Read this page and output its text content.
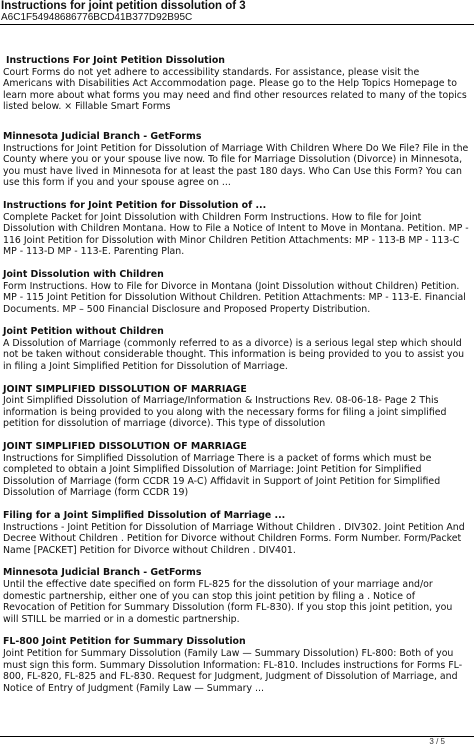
Instructions for joint petition dissolution of 3
A6C1F54948686776BCD41B377D92B95C
Instructions For Joint Petition Dissolution

Court Forms do not yet adhere to accessibility standards. For assistance, please visit the Americans with Disabilities Act Accommodation page. Please go to the Help Topics Homepage to learn more about what forms you may need and find other resources related to many of the topics listed below. × Fillable Smart Forms

Minnesota Judicial Branch - GetForms

Instructions for Joint Petition for Dissolution of Marriage With Children Where Do We File? File in the County where you or your spouse live now. To file for Marriage Dissolution (Divorce) in Minnesota, you must have lived in Minnesota for at least the past 180 days. Who Can Use this Form? You can use this form if you and your spouse agree on ...

Instructions for Joint Petition for Dissolution of ...

Complete Packet for Joint Dissolution with Children Form Instructions. How to file for Joint Dissolution with Children Montana. How to File a Notice of Intent to Move in Montana. Petition. MP - 116 Joint Petition for Dissolution with Minor Children Petition Attachments: MP - 113-B MP - 113-C MP - 113-D MP - 113-E. Parenting Plan.

Joint Dissolution with Children

Form Instructions. How to File for Divorce in Montana (Joint Dissolution without Children) Petition. MP - 115 Joint Petition for Dissolution Without Children. Petition Attachments: MP - 113-E. Financial Documents. MP – 500 Financial Disclosure and Proposed Property Distribution.

Joint Petition without Children

A Dissolution of Marriage (commonly referred to as a divorce) is a serious legal step which should not be taken without considerable thought. This information is being provided to you to assist you in filing a Joint Simplified Petition for Dissolution of Marriage.

JOINT SIMPLIFIED DISSOLUTION OF MARRIAGE

Joint Simplified Dissolution of Marriage/Information & Instructions Rev. 08-06-18- Page 2 This information is being provided to you along with the necessary forms for filing a joint simplified petition for dissolution of marriage (divorce). This type of dissolution

JOINT SIMPLIFIED DISSOLUTION OF MARRIAGE

Instructions for Simplified Dissolution of Marriage There is a packet of forms which must be completed to obtain a Joint Simplified Dissolution of Marriage: Joint Petition for Simplified Dissolution of Marriage (form CCDR 19 A-C) Affidavit in Support of Joint Petition for Simplified Dissolution of Marriage (form CCDR 19)

Filing for a Joint Simplified Dissolution of Marriage ...

Instructions - Joint Petition for Dissolution of Marriage Without Children . DIV302. Joint Petition And Decree Without Children . Petition for Divorce without Children Forms. Form Number. Form/Packet Name [PACKET] Petition for Divorce without Children . DIV401.

Minnesota Judicial Branch - GetForms

Until the effective date specified on form FL-825 for the dissolution of your marriage and/or domestic partnership, either one of you can stop this joint petition by filing a . Notice of Revocation of Petition for Summary Dissolution (form FL-830). If you stop this joint petition, you will STILL be married or in a domestic partnership.

FL-800 Joint Petition for Summary Dissolution

Joint Petition for Summary Dissolution (Family Law — Summary Dissolution) FL-800: Both of you must sign this form. Summary Dissolution Information: FL-810. Includes instructions for Forms FL-800, FL-820, FL-825 and FL-830. Request for Judgment, Judgment of Dissolution of Marriage, and Notice of Entry of Judgment (Family Law — Summary ...

3 / 5
